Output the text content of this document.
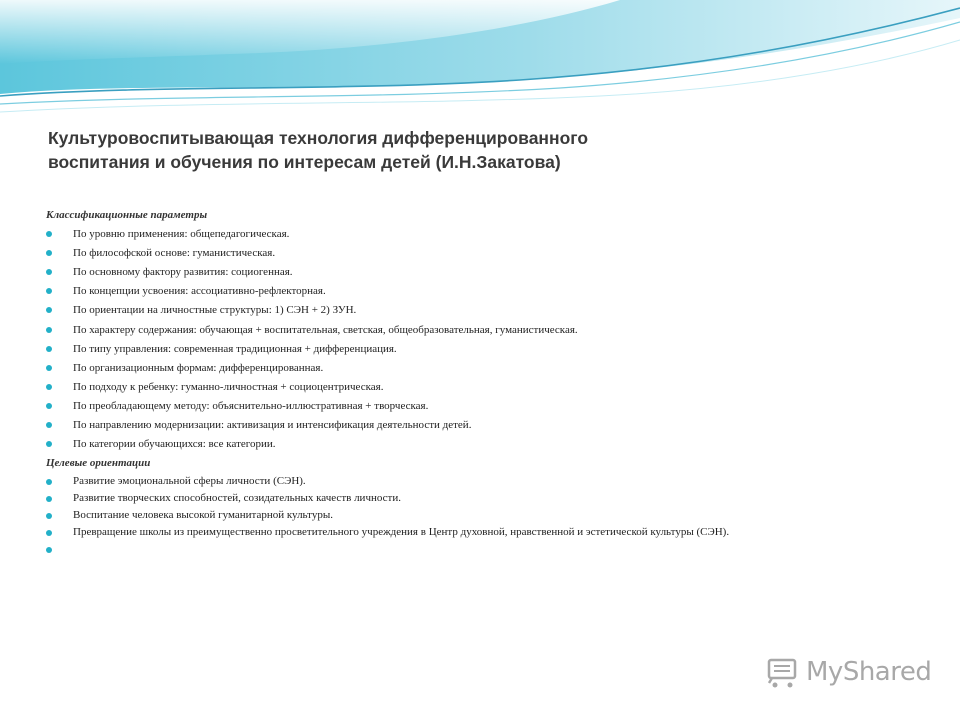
Культуровоспитывающая технология дифференцированного
воспитания и обучения по интересам детей (И.Н.Закатова)

Классификационные параметры

По уровню применения: общепедагогическая.
По философской основе: гуманистическая.
По основному фактору развития: социогенная.
По концепции усвоения: ассоциативно-рефлекторная.
По ориентации на личностные структуры: 1) СЭН + 2) ЗУН.
По характеру содержания: обучающая + воспитательная, светская, общеобразовательная, гуманистическая.
По типу управления: современная традиционная + дифференциация.
По организационным формам: дифференцированная.
По подходу к ребенку: гуманно-личностная + социоцентрическая.
По преобладающему методу: объяснительно-иллюстративная + творческая.
По направлению модернизации: активизация и интенсификация деятельности детей.
По категории обучающихся: все категории.

Целевые ориентации

Развитие эмоциональной сферы личности (СЭН).
Развитие творческих способностей, созидательных качеств личности.
Воспитание человека высокой гуманитарной культуры.
Превращение школы из преимущественно просветительного учреждения в Центр духовной, нравственной и эстетической культуры (СЭН).
MyShared
